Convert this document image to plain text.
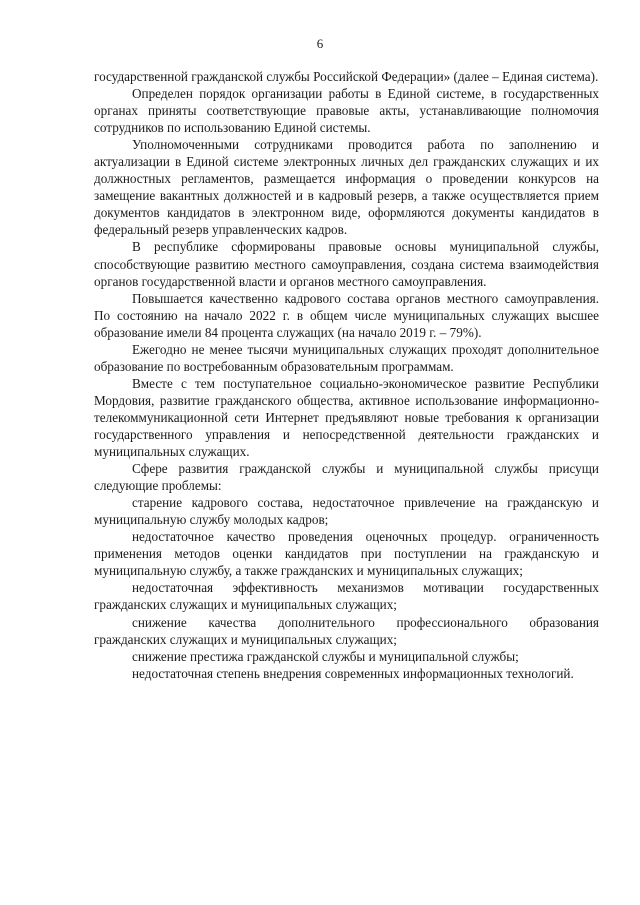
6

государственной гражданской службы Российской Федерации» (далее – Единая система).

Определен порядок организации работы в Единой системе, в государственных органах приняты соответствующие правовые акты, устанавливающие полномочия сотрудников по использованию Единой системы.

Уполномоченными сотрудниками проводится работа по заполнению и актуализации в Единой системе электронных личных дел гражданских служащих и их должностных регламентов, размещается информация о проведении конкурсов на замещение вакантных должностей и в кадровый резерв, а также осуществляется прием документов кандидатов в электронном виде, оформляются документы кандидатов в федеральный резерв управленческих кадров.

В республике сформированы правовые основы муниципальной службы, способствующие развитию местного самоуправления, создана система взаимодействия органов государственной власти и органов местного самоуправления.

Повышается качественно кадрового состава органов местного самоуправления. По состоянию на начало 2022 г. в общем числе муниципальных служащих высшее образование имели 84 процента служащих (на начало 2019 г. – 79%).

Ежегодно не менее тысячи муниципальных служащих проходят дополнительное образование по востребованным образовательным программам.

Вместе с тем поступательное социально-экономическое развитие Республики Мордовия, развитие гражданского общества, активное использование информационно-телекоммуникационной сети Интернет предъявляют новые требования к организации государственного управления и непосредственной деятельности гражданских и муниципальных служащих.

Сфере развития гражданской службы и муниципальной службы присущи следующие проблемы:

старение кадрового состава, недостаточное привлечение на гражданскую и муниципальную службу молодых кадров;

недостаточное качество проведения оценочных процедур. ограниченность применения методов оценки кандидатов при поступлении на гражданскую и муниципальную службу, а также гражданских и муниципальных служащих;

недостаточная эффективность механизмов мотивации государственных гражданских служащих и муниципальных служащих;

снижение качества дополнительного профессионального образования гражданских служащих и муниципальных служащих;

снижение престижа гражданской службы и муниципальной службы;

недостаточная степень внедрения современных информационных технологий.
